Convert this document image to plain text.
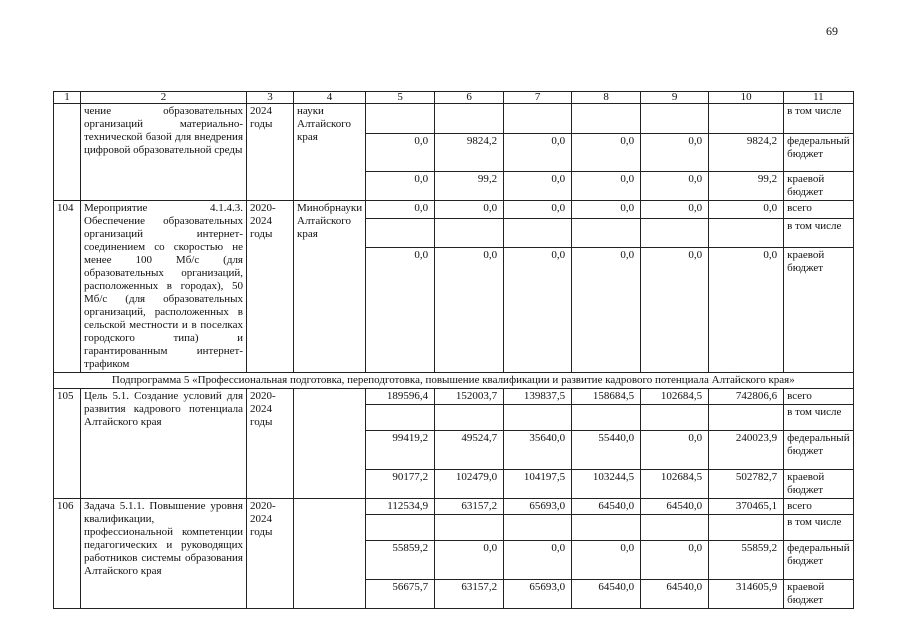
69
1	2	3	4	5	6	7	8	9	10	11
	чение образовательных организаций материально-технической базой для внедрения цифровой образовательной среды	2024 годы	науки Алтайского края							в том числе
				0,0	9824,2	0,0	0,0	0,0	9824,2	федеральный бюджет
				0,0	99,2	0,0	0,0	0,0	99,2	краевой бюджет
104	Мероприятие 4.1.4.3. Обеспечение образовательных организаций интернет-соединением со скоростью не менее 100 Мб/с (для образовательных организаций, расположенных в городах), 50 Мб/с (для образовательных организаций, расположенных в сельской местности и в поселках городского типа) и гарантированным интернет-трафиком	2020-2024 годы	Минобрнауки Алтайского края	0,0	0,0	0,0	0,0	0,0	0,0	всего
										в том числе
				0,0	0,0	0,0	0,0	0,0	0,0	краевой бюджет
Подпрограмма 5 «Профессиональная подготовка, переподготовка, повышение квалификации и развитие кадрового потенциала Алтайского края»										
105	Цель 5.1. Создание условий для развития кадрового потенциала Алтайского края	2020-2024 годы		189596,4	152003,7	139837,5	158684,5	102684,5	742806,6	всего
										в том числе
				99419,2	49524,7	35640,0	55440,0	0,0	240023,9	федеральный бюджет
				90177,2	102479,0	104197,5	103244,5	102684,5	502782,7	краевой бюджет
106	Задача 5.1.1. Повышение уровня квалификации, профессиональной компетенции педагогических и руководящих работников системы образования Алтайского края	2020-2024 годы		112534,9	63157,2	65693,0	64540,0	64540,0	370465,1	всего
										в том числе
				55859,2	0,0	0,0	0,0	0,0	55859,2	федеральный бюджет
				56675,7	63157,2	65693,0	64540,0	64540,0	314605,9	краевой бюджет
